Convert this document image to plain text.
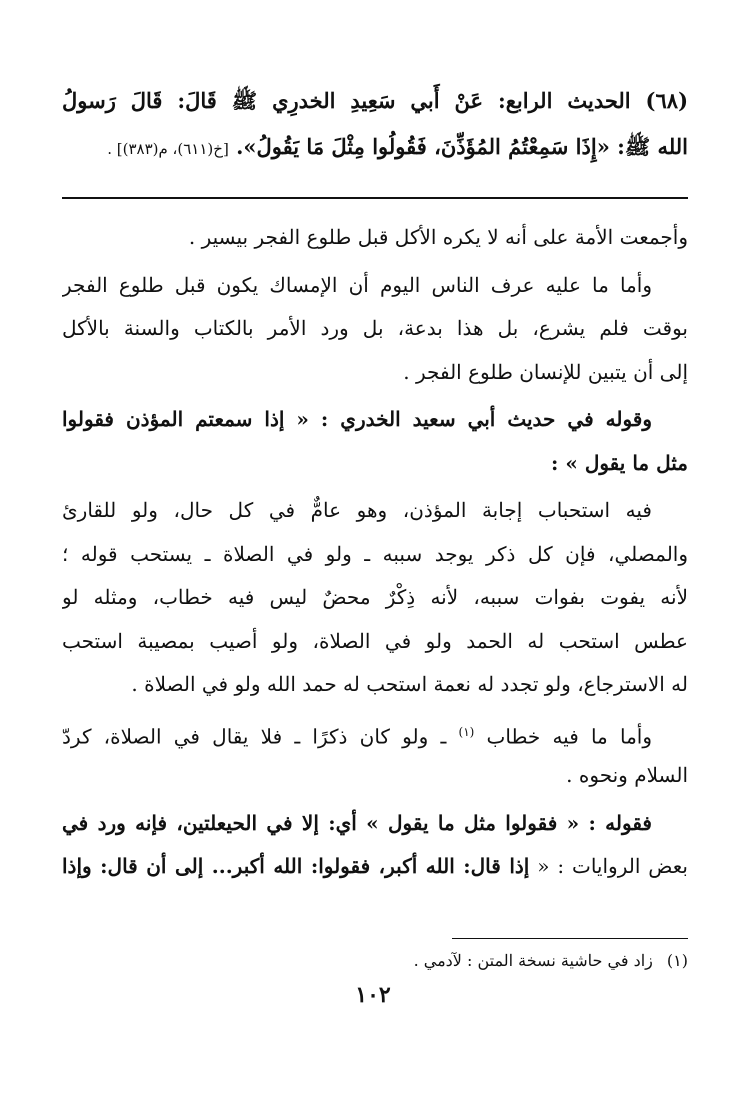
(٦٨) الحديث الرابع: عَنْ أَبي سَعِيدِ الخدرِي ﷺ قَالَ: قَالَ رَسولُ
الله ﷺ: «إِذَا سَمِعْتُمُ المُؤَذِّنَ، فَقُولُوا مِثْلَ مَا يَقُولُ». [خ(٦١١)، م(٣٨٣)] .
وأجمعت الأمة على أنه لا يكره الأكل قبل طلوع الفجر بيسير .
وأما ما عليه عرف الناس اليوم أن الإمساك يكون قبل طلوع الفجر
بوقت فلم يشرع، بل هذا بدعة، بل ورد الأمر بالكتاب والسنة بالأكل
إلى أن يتبين للإنسان طلوع الفجر .
وقوله في حديث أبي سعيد الخدري : « إذا سمعتم المؤذن فقولوا
مثل ما يقول » :
فيه استحباب إجابة المؤذن، وهو عامٌّ في كل حال، ولو للقارئ
والمصلي، فإن كل ذكر يوجد سببه ـ ولو في الصلاة ـ يستحب قوله ؛
لأنه يفوت بفوات سببه، لأنه ذِكْرٌ محضٌ ليس فيه خطاب، ومثله لو
عطس استحب له الحمد ولو في الصلاة، ولو أصيب بمصيبة استحب
له الاسترجاع، ولو تجدد له نعمة استحب له حمد الله ولو في الصلاة .
وأما ما فيه خطاب $^{(١)}$ ـ ولو كان ذكرًا ـ فلا يقال في الصلاة، كردّ
السلام ونحوه .
فقوله : « فقولوا مثل ما يقول » أي: إلا في الحيعلتين، فإنه ورد في
بعض الروايات : « إذا قال: الله أكبر، فقولوا: الله أكبر... إلى أن قال: وإذا
(١)زاد في حاشية نسخة المتن : لآدمي .
١٠٢
